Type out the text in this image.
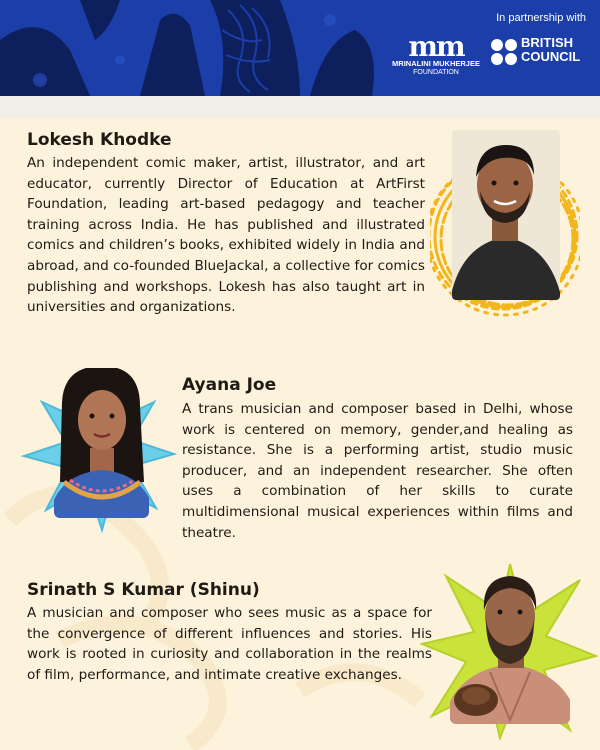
In partnership with
mm
MRINALINI MUKHERJEE
FOUNDATION
BRITISH
COUNCIL
Lokesh Khodke
An independent comic maker, artist, illustrator, and art educator, currently Director of Education at ArtFirst Foundation, leading art-based pedagogy and teacher training across India. He has published and illustrated comics and children’s books, exhibited widely in India and abroad, and co-founded BlueJackal, a collective for comics publishing and workshops. Lokesh has also taught art in universities and organizations.
Ayana Joe
A trans musician and composer based in Delhi, whose work is centered on memory, gender,and healing as resistance. She is a performing artist, studio music producer, and an independent researcher. She often uses a combination of her skills to curate multidimensional musical experiences within films and theatre.
Srinath S Kumar (Shinu)
A musician and composer who sees music as a space for the convergence of different influences and stories. His work is rooted in curiosity and collaboration in the realms of film, performance, and intimate creative exchanges.
